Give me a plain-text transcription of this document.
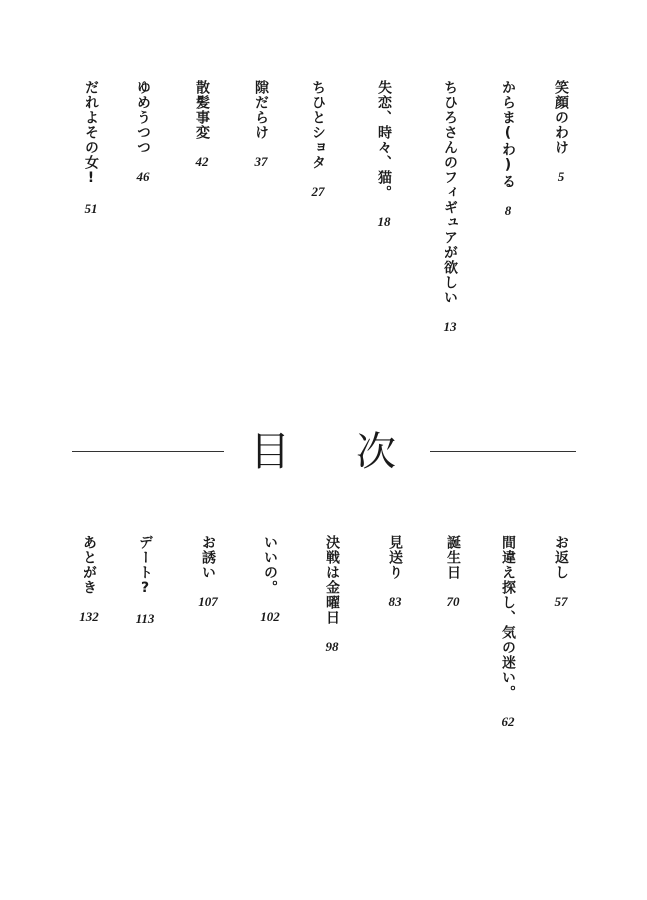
笑顔のわけ
5
からま(わ)る
8
ちひろさんのフィギュアが欲しい
13
失恋、時々、猫。
18
ちひとショタ
27
隙だらけ
37
散髪事変
42
ゆめうつつ
46
だれよその女!
51
目 次
お返し
57
間違え探し、気の迷い。
62
誕生日
70
見送り
83
決戦は金曜日
98
いいの。
102
お誘い
107
デート?
113
あとがき
132
